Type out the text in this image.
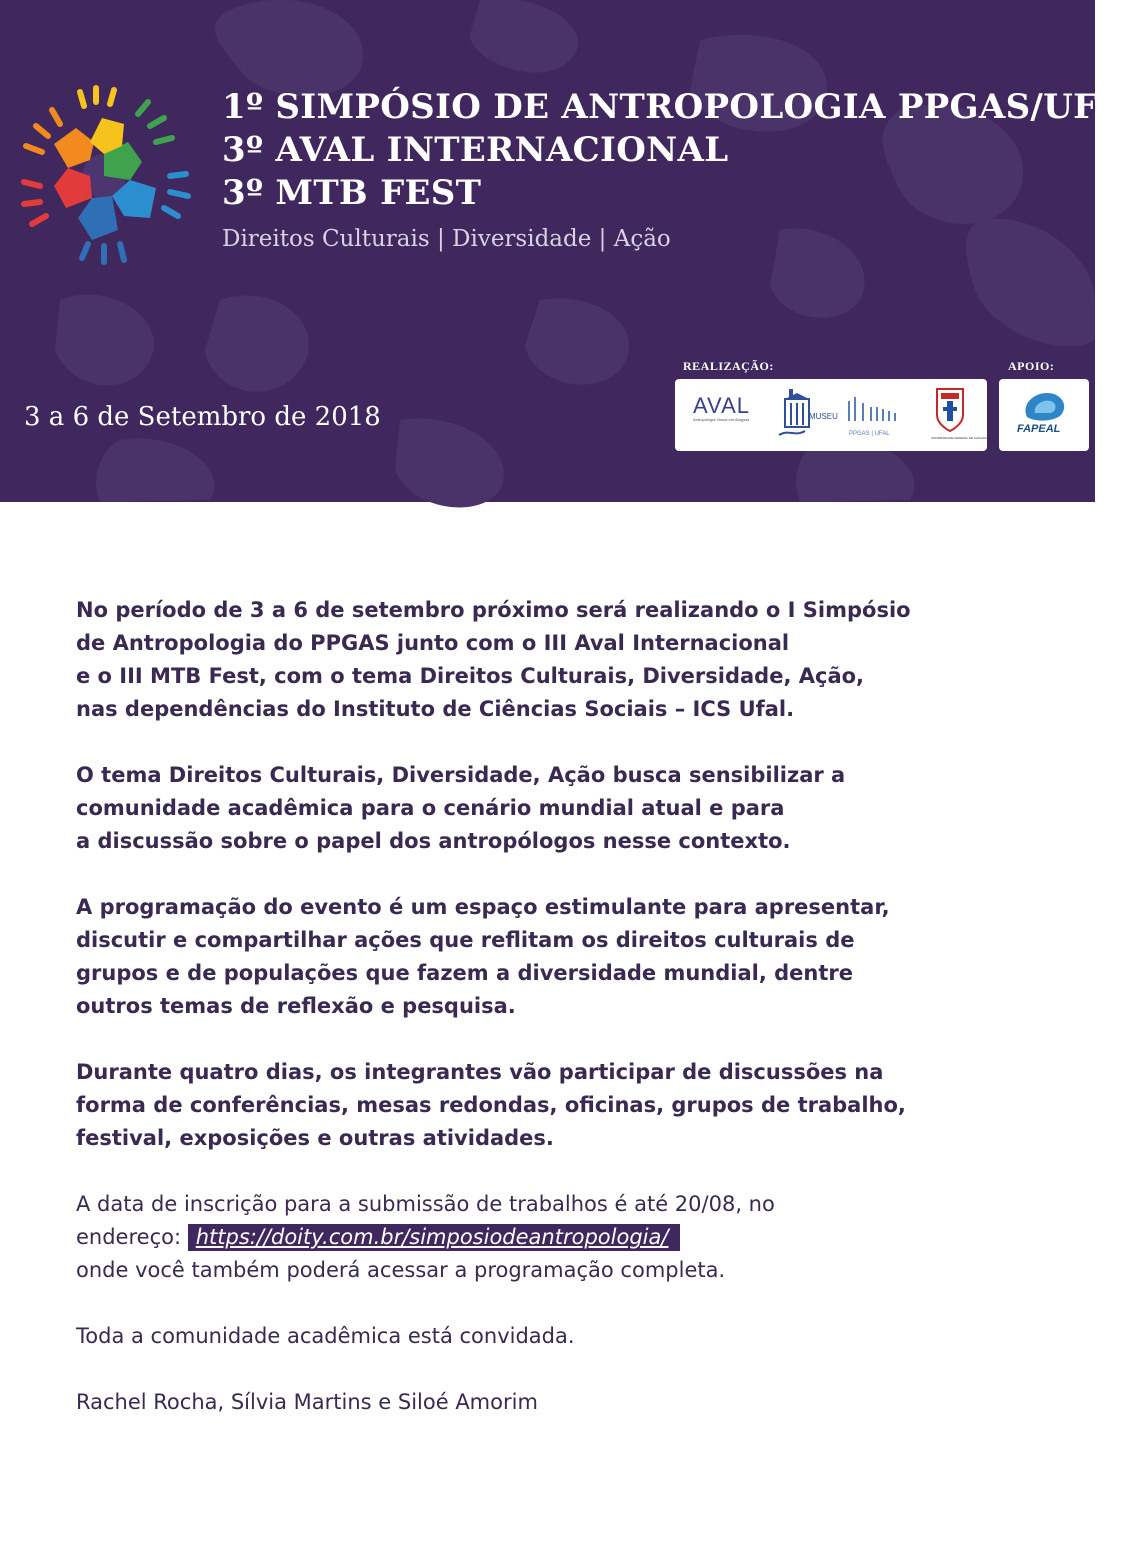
1º SIMPÓSIO DE ANTROPOLOGIA PPGAS/UFAL
3º AVAL INTERNACIONAL
3º MTB FEST
Direitos Culturais | Diversidade | Ação
3 a 6 de Setembro de 2018
REALIZAÇÃO:	APOIO:
AVAL
Antropologia Visual em Alagoas	MUSEU
PPGAS | UFAL
UNIVERSIDADE FEDERAL DE ALAGOAS
FAPEAL

No período de 3 a 6 de setembro próximo será realizando o I Simpósio
de Antropologia do PPGAS junto com o III Aval Internacional
e o III MTB Fest, com o tema Direitos Culturais, Diversidade, Ação,
nas dependências do Instituto de Ciências Sociais – ICS Ufal.

O tema Direitos Culturais, Diversidade, Ação busca sensibilizar a
comunidade acadêmica para o cenário mundial atual e para
a discussão sobre o papel dos antropólogos nesse contexto.

A programação do evento é um espaço estimulante para apresentar,
discutir e compartilhar ações que reflitam os direitos culturais de
grupos e de populações que fazem a diversidade mundial, dentre
outros temas de reflexão e pesquisa.

Durante quatro dias, os integrantes vão participar de discussões na
forma de conferências, mesas redondas, oficinas, grupos de trabalho,
festival, exposições e outras atividades.

A data de inscrição para a submissão de trabalhos é até 20/08, no
endereço: https://doity.com.br/simposiodeantropologia/
onde você também poderá acessar a programação completa.

Toda a comunidade acadêmica está convidada.

Rachel Rocha, Sílvia Martins e Siloé Amorim
